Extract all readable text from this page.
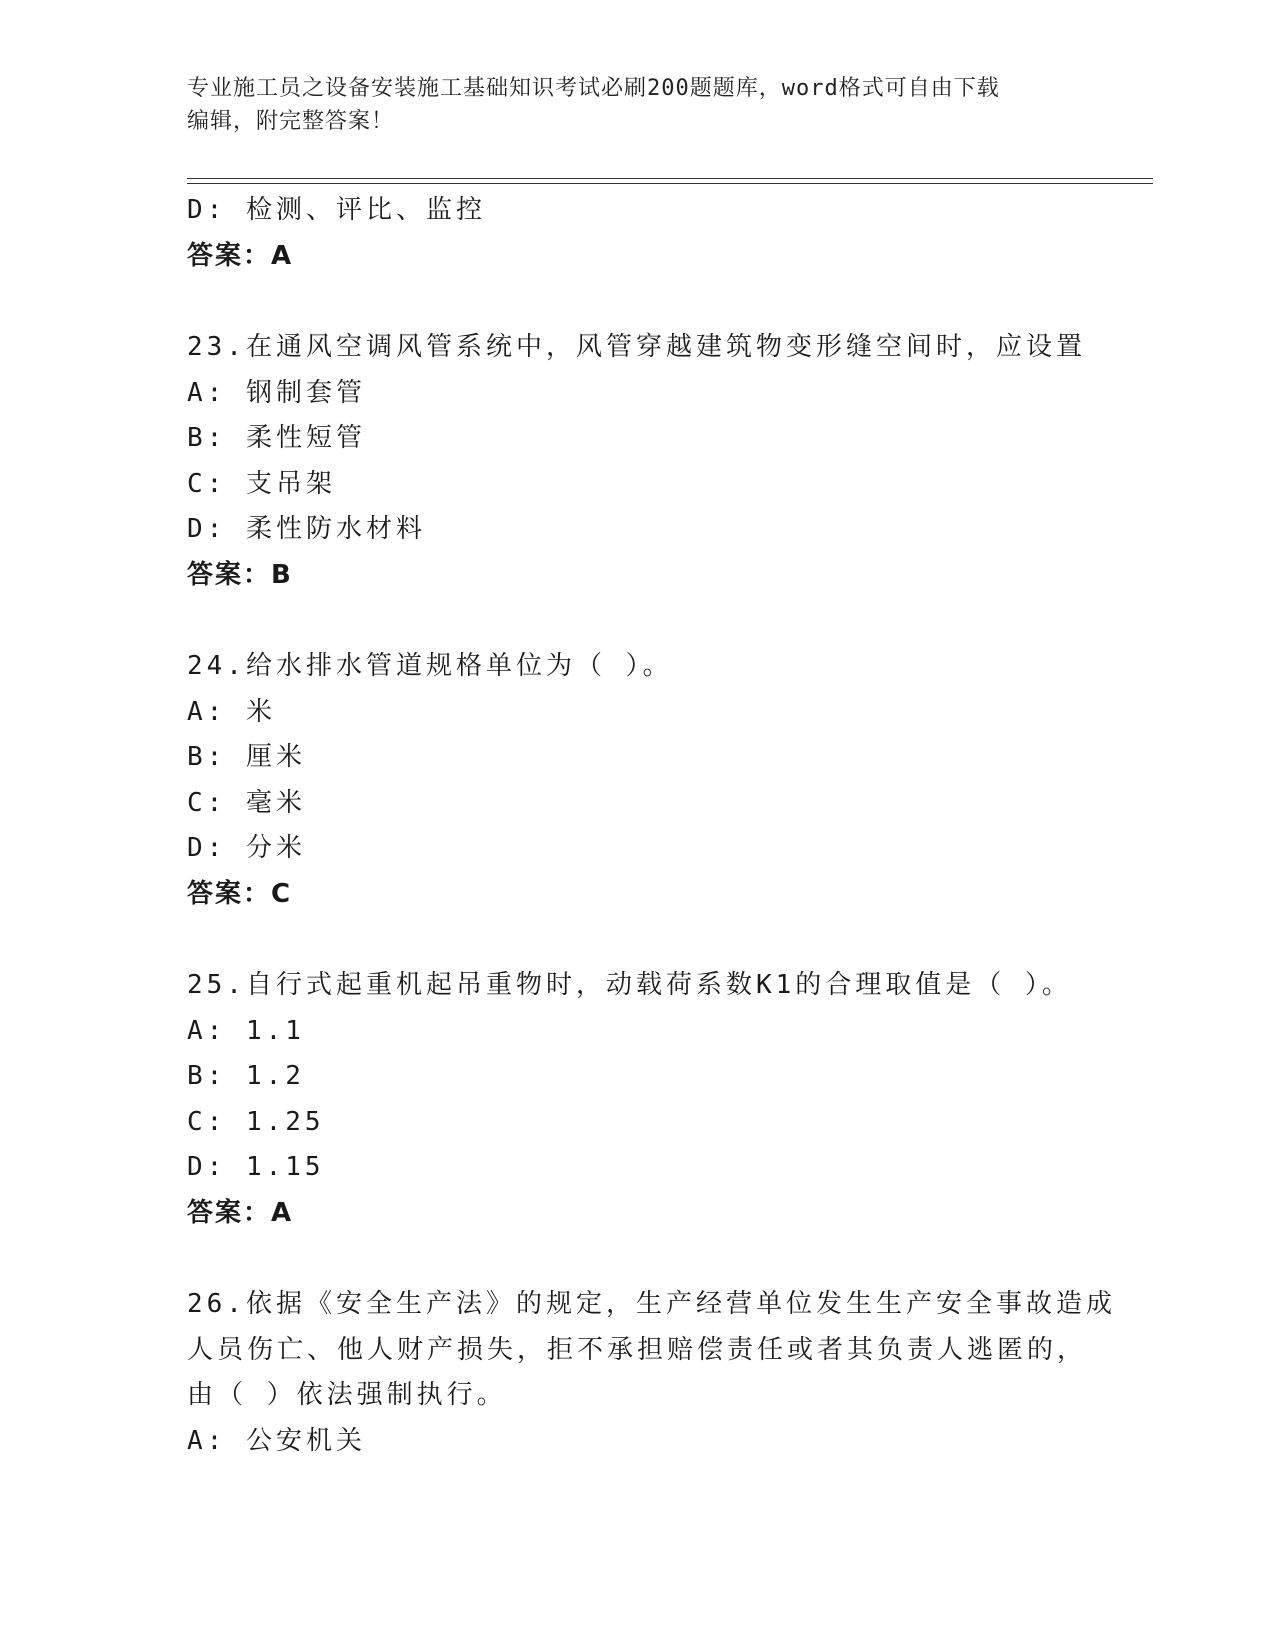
专业施工员之设备安装施工基础知识考试必刷200题题库，word格式可自由下载
编辑，附完整答案！
D: 检测、评比、监控
答案：A
23.在通风空调风管系统中，风管穿越建筑物变形缝空间时，应设置
A: 钢制套管
B: 柔性短管
C: 支吊架
D: 柔性防水材料
答案：B
24.给水排水管道规格单位为（ ）。
A: 米
B: 厘米
C: 毫米
D: 分米
答案：C
25.自行式起重机起吊重物时，动载荷系数K1的合理取值是（ ）。
A: 1.1
B: 1.2
C: 1.25
D: 1.15
答案：A
26.依据《安全生产法》的规定，生产经营单位发生生产安全事故造成
人员伤亡、他人财产损失，拒不承担赔偿责任或者其负责人逃匿的，
由（ ）依法强制执行。
A: 公安机关
